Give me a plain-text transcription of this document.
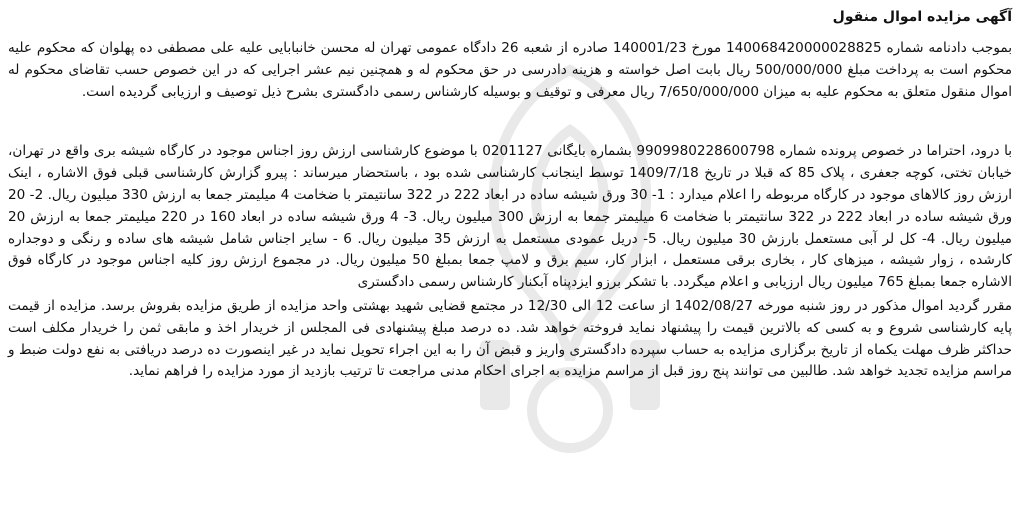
آگهی مزایده اموال منقول

بموجب دادنامه شماره 140068420000028825 مورخ 140001/23 صادره از شعبه 26 دادگاه عمومی تهران له محسن خانبابایی علیه علی مصطفی ده پهلوان که محکوم علیه محکوم است به پرداخت مبلغ 500/000/000 ریال بابت اصل خواسته و هزینه دادرسی در حق محکوم له و همچنین نیم عشر اجرایی که در این خصوص حسب تقاضای محکوم له اموال منقول متعلق به محکوم علیه به میزان 7/650/000/000 ریال معرفی و توقیف و بوسیله کارشناس رسمی دادگستری بشرح ذیل توصیف و ارزیابی گردیده است.

با درود، احتراما در خصوص پرونده شماره 9909980228600798 بشماره بایگانی 0201127 با موضوع کارشناسی ارزش روز اجناس موجود در کارگاه شیشه بری واقع در تهران، خیابان تختی، کوچه جعفری ، پلاک 85 که قبلا در تاریخ 1409/7/18 توسط اینجانب کارشناسی شده بود ، باستحضار میرساند : پیرو گزارش کارشناسی قبلی فوق الاشاره ، اینک ارزش روز کالاهای موجود در کارگاه مربوطه را اعلام میدارد : 1- 30 ورق شیشه ساده در ابعاد 222 در 322 سانتیمتر با ضخامت 4 میلیمتر جمعا به ارزش 330 میلیون ریال. 2- 20 ورق شیشه ساده در ابعاد 222 در 322 سانتیمتر با ضخامت 6 میلیمتر جمعا به ارزش 300 میلیون ریال. 3- 4 ورق شیشه ساده در ابعاد 160 در 220 میلیمتر جمعا به ارزش 20 میلیون ریال. 4- کل لر آبی مستعمل بارزش 30 میلیون ریال. 5- دریل عمودی مستعمل به ارزش 35 میلیون ریال. 6 - سایر اجناس شامل شیشه های ساده و رنگی و دوجداره کارشده ، زوار شیشه ، میزهای کار ، بخاری برقی مستعمل ، ابزار کار، سیم برق و لامپ جمعا بمبلغ 50 میلیون ریال. در مجموع ارزش روز کلیه اجناس موجود در کارگاه فوق الاشاره جمعا بمبلغ 765 میلیون ریال ارزیابی و اعلام میگردد. با تشکر برزو ایزدپناه آبکنار کارشناس رسمی دادگستری

مقرر گردید اموال مذکور در روز شنبه مورخه 1402/08/27 از ساعت 12 الی 12/30 در مجتمع قضایی شهید بهشتی واحد مزایده از طریق مزایده بفروش برسد. مزایده از قیمت پایه کارشناسی شروع و به کسی که بالاترین قیمت را پیشنهاد نماید فروخته خواهد شد. ده درصد مبلغ پیشنهادی فی المجلس از خریدار اخذ و مابقی ثمن را خریدار مکلف است حداکثر ظرف مهلت یکماه از تاریخ برگزاری مزایده به حساب سپرده دادگستری واریز و قبض آن را به این اجراء تحویل نماید در غیر اینصورت ده درصد دریافتی به نفع دولت ضبط و مراسم مزایده تجدید خواهد شد. طالبین می توانند پنج روز قبل از مراسم مزایده به اجرای احکام مدنی مراجعت تا ترتیب بازدید از مورد مزایده را فراهم نماید.
